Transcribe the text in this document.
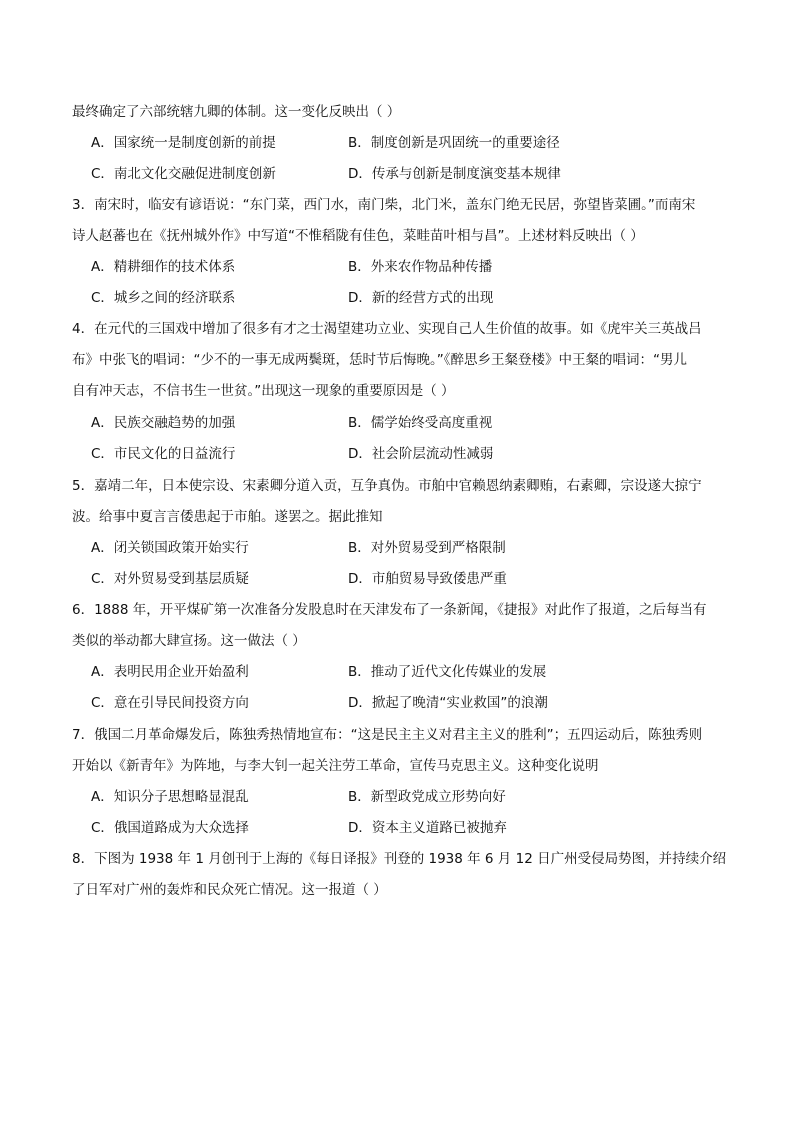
最终确定了六部统辖九卿的体制。这一变化反映出（ ）
A．国家统一是制度创新的前提	B．制度创新是巩固统一的重要途径
C．南北文化交融促进制度创新	D．传承与创新是制度演变基本规律
3．南宋时，临安有谚语说：“东门菜，西门水，南门柴，北门米，盖东门绝无民居，弥望皆菜圃。”而南宋
诗人赵蕃也在《抚州城外作》中写道“不惟稻陇有佳色，菜畦苗叶相与昌”。上述材料反映出（ ）
A．精耕细作的技术体系	B．外来农作物品种传播
C．城乡之间的经济联系	D．新的经营方式的出现
4．在元代的三国戏中增加了很多有才之士渴望建功立业、实现自己人生价值的故事。如《虎牢关三英战吕
布》中张飞的唱词：“少不的一事无成两鬓斑，恁时节后悔晚。”《醉思乡王粲登楼》中王粲的唱词：“男儿
自有冲天志，不信书生一世贫。”出现这一现象的重要原因是（ ）
A．民族交融趋势的加强	B．儒学始终受高度重视
C．市民文化的日益流行	D．社会阶层流动性减弱
5．嘉靖二年，日本使宗设、宋素卿分道入贡，互争真伪。市舶中官赖恩纳素卿贿，右素卿，宗设遂大掠宁
波。给事中夏言言倭患起于市舶。遂罢之。据此推知
A．闭关锁国政策开始实行	B．对外贸易受到严格限制
C．对外贸易受到基层质疑	D．市舶贸易导致倭患严重
6．1888 年，开平煤矿第一次准备分发股息时在天津发布了一条新闻，《捷报》对此作了报道，之后每当有
类似的举动都大肆宣扬。这一做法（ ）
A．表明民用企业开始盈利	B．推动了近代文化传媒业的发展
C．意在引导民间投资方向	D．掀起了晚清“实业救国”的浪潮
7．俄国二月革命爆发后，陈独秀热情地宣布：“这是民主主义对君主主义的胜利”；五四运动后，陈独秀则
开始以《新青年》为阵地，与李大钊一起关注劳工革命，宣传马克思主义。这种变化说明
A．知识分子思想略显混乱	B．新型政党成立形势向好
C．俄国道路成为大众选择	D．资本主义道路已被抛弃
8．下图为 1938 年 1 月创刊于上海的《每日译报》刊登的 1938 年 6 月 12 日广州受侵局势图，并持续介绍
了日军对广州的轰炸和民众死亡情况。这一报道（ ）
